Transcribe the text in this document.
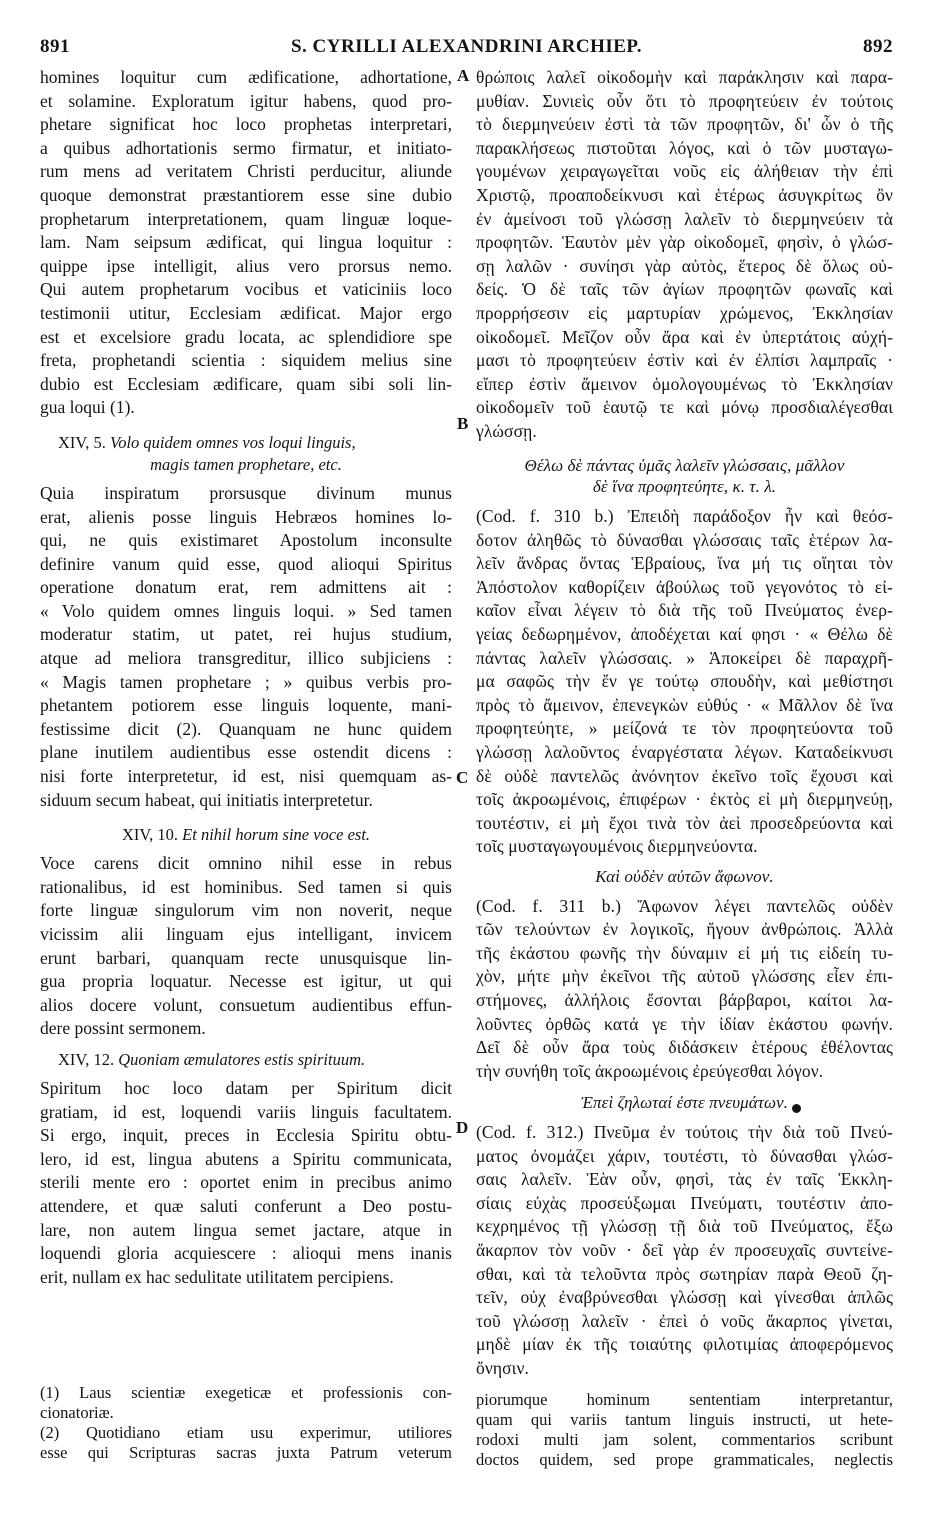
891	S. CYRILLI ALEXANDRINI ARCHIEP.	892
A
B
C
D
homines loquitur cum ædificatione, adhortatione,
et solamine. Exploratum igitur habens, quod pro-
phetare significat hoc loco prophetas interpretari,
a quibus adhortationis sermo firmatur, et initiato-
rum mens ad veritatem Christi perducitur, aliunde
quoque demonstrat præstantiorem esse sine dubio
prophetarum interpretationem, quam linguæ loque-
lam. Nam seipsum ædificat, qui lingua loquitur :
quippe ipse intelligit, alius vero prorsus nemo.
Qui autem prophetarum vocibus et vaticiniis loco
testimonii utitur, Ecclesiam ædificat. Major ergo
est et excelsiore gradu locata, ac splendidiore spe
freta, prophetandi scientia : siquidem melius sine
dubio est Ecclesiam ædificare, quam sibi soli lin-
gua loqui (1).
XIV, 5. Volo quidem omnes vos loqui linguis,
magis tamen prophetare, etc.
Quia inspiratum prorsusque divinum munus
erat, alienis posse linguis Hebræos homines lo-
qui, ne quis existimaret Apostolum inconsulte
definire vanum quid esse, quod alioqui Spiritus
operatione donatum erat, rem admittens ait :
« Volo quidem omnes linguis loqui. » Sed tamen
moderatur statim, ut patet, rei hujus studium,
atque ad meliora transgreditur, illico subjiciens :
« Magis tamen prophetare ; » quibus verbis pro-
phetantem potiorem esse linguis loquente, mani-
festissime dicit (2). Quanquam ne hunc quidem
plane inutilem audientibus esse ostendit dicens :
nisi forte interpretetur, id est, nisi quemquam as-
siduum secum habeat, qui initiatis interpretetur.
XIV, 10. Et nihil horum sine voce est.
Voce carens dicit omnino nihil esse in rebus
rationalibus, id est hominibus. Sed tamen si quis
forte linguæ singulorum vim non noverit, neque
vicissim alii linguam ejus intelligant, invicem
erunt barbari, quanquam recte unusquisque lin-
gua propria loquatur. Necesse est igitur, ut qui
alios docere volunt, consuetum audientibus effun-
dere possint sermonem.
XIV, 12. Quoniam æmulatores estis spirituum.
Spiritum hoc loco datam per Spiritum dicit
gratiam, id est, loquendi variis linguis facultatem.
Si ergo, inquit, preces in Ecclesia Spiritu obtu-
lero, id est, lingua abutens a Spiritu communicata,
sterili mente ero : oportet enim in precibus animo
attendere, et quæ saluti conferunt a Deo postu-
lare, non autem lingua semet jactare, atque in
loquendi gloria acquiescere : alioqui mens inanis
erit, nullam ex hac sedulitate utilitatem percipiens.
θρώποις λαλεῖ οἰκοδομὴν καὶ παράκλησιν καὶ παρα-
μυθίαν. Συνιεὶς οὖν ὅτι τὸ προφητεύειν ἐν τούτοις
τὸ διερμηνεύειν ἐστὶ τὰ τῶν προφητῶν, δι' ὧν ὁ τῆς
παρακλήσεως πιστοῦται λόγος, καὶ ὁ τῶν μυσταγω-
γουμένων χειραγωγεῖται νοῦς εἰς ἀλήθειαν τὴν ἐπὶ
Χριστῷ, προαποδείκνυσι καὶ ἑτέρως ἀσυγκρίτως ὂν
ἐν ἀμείνοσι τοῦ γλώσσῃ λαλεῖν τὸ διερμηνεύειν τὰ
προφητῶν. Ἑαυτὸν μὲν γὰρ οἰκοδομεῖ, φησὶν, ὁ γλώσ-
σῃ λαλῶν · συνίησι γὰρ αὐτὸς, ἕτερος δὲ ὅλως οὐ-
δείς. Ὁ δὲ ταῖς τῶν ἁγίων προφητῶν φωναῖς καὶ
προρρήσεσιν εἰς μαρτυρίαν χρώμενος, Ἐκκλησίαν
οἰκοδομεῖ. Μεῖζον οὖν ἄρα καὶ ἐν ὑπερτάτοις αὐχή-
μασι τὸ προφητεύειν ἐστὶν καὶ ἐν ἐλπίσι λαμπραῖς ·
εἴπερ ἐστὶν ἄμεινον ὁμολογουμένως τὸ Ἐκκλησίαν
οἰκοδομεῖν τοῦ ἑαυτῷ τε καὶ μόνῳ προσδιαλέγεσθαι
γλώσσῃ.
Θέλω δὲ πάντας ὑμᾶς λαλεῖν γλώσσαις, μᾶλλον
δὲ ἵνα προφητεύητε, κ. τ. λ.
(Cod. f. 310 b.) Ἐπειδὴ παράδοξον ἦν καὶ θεόσ-
δοτον ἀληθῶς τὸ δύνασθαι γλώσσαις ταῖς ἑτέρων λα-
λεῖν ἄνδρας ὄντας Ἑβραίους, ἵνα μή τις οἴηται τὸν
Ἀπόστολον καθορίζειν ἀβούλως τοῦ γεγονότος τὸ εἰ-
καῖον εἶναι λέγειν τὸ διὰ τῆς τοῦ Πνεύματος ἐνερ-
γείας δεδωρημένον, ἀποδέχεται καί φησι · « Θέλω δὲ
πάντας λαλεῖν γλώσσαις. » Ἀποκείρει δὲ παραχρῆ-
μα σαφῶς τὴν ἔν γε τούτῳ σπουδὴν, καὶ μεθίστησι
πρὸς τὸ ἄμεινον, ἐπενεγκὼν εὐθύς · « Μᾶλλον δὲ ἵνα
προφητεύητε, » μείζονά τε τὸν προφητεύοντα τοῦ
γλώσσῃ λαλοῦντος ἐναργέστατα λέγων. Καταδείκνυσι
δὲ οὐδὲ παντελῶς ἀνόνητον ἐκεῖνο τοῖς ἔχουσι καὶ
τοῖς ἀκροωμένοις, ἐπιφέρων · ἐκτὸς εἰ μὴ διερμηνεύῃ,
τουτέστιν, εἰ μὴ ἔχοι τινὰ τὸν ἀεὶ προσεδρεύοντα καὶ
τοῖς μυσταγωγουμένοις διερμηνεύοντα.
Καὶ οὐδὲν αὐτῶν ἄφωνον.
(Cod. f. 311 b.) Ἄφωνον λέγει παντελῶς οὐδὲν
τῶν τελούντων ἐν λογικοῖς, ἤγουν ἀνθρώποις. Ἀλλὰ
τῆς ἑκάστου φωνῆς τὴν δύναμιν εἰ μή τις εἰδείη τυ-
χὸν, μήτε μὴν ἐκεῖνοι τῆς αὐτοῦ γλώσσης εἶεν ἐπι-
στήμονες, ἀλλήλοις ἔσονται βάρβαροι, καίτοι λα-
λοῦντες ὀρθῶς κατά γε τὴν ἰδίαν ἑκάστου φωνήν.
Δεῖ δὲ οὖν ἄρα τοὺς διδάσκειν ἑτέρους ἐθέλοντας
τὴν συνήθη τοῖς ἀκροωμένοις ἐρεύγεσθαι λόγον.
Ἐπεὶ ζηλωταί ἐστε πνευμάτων.
(Cod. f. 312.) Πνεῦμα ἐν τούτοις τὴν διὰ τοῦ Πνεύ-
ματος ὀνομάζει χάριν, τουτέστι, τὸ δύνασθαι γλώσ-
σαις λαλεῖν. Ἐὰν οὖν, φησὶ, τὰς ἐν ταῖς Ἐκκλη-
σίαις εὐχὰς προσεύξωμαι Πνεύματι, τουτέστιν ἀπο-
κεχρημένος τῇ γλώσσῃ τῇ διὰ τοῦ Πνεύματος, ἔξω
ἄκαρπον τὸν νοῦν · δεῖ γὰρ ἐν προσευχαῖς συντείνε-
σθαι, καὶ τὰ τελοῦντα πρὸς σωτηρίαν παρὰ Θεοῦ ζη-
τεῖν, οὐχ ἐναβρύνεσθαι γλώσσῃ καὶ γίνεσθαι ἁπλῶς
τοῦ γλώσσῃ λαλεῖν · ἐπεὶ ὁ νοῦς ἄκαρπος γίνεται,
μηδὲ μίαν ἐκ τῆς τοιαύτης φιλοτιμίας ἀποφερόμενος
ὄνησιν.
(1) Laus scientiæ exegeticæ et professionis con-
cionatoriæ.
(2) Quotidiano etiam usu experimur, utiliores
esse qui Scripturas sacras juxta Patrum veterum
piorumque hominum sententiam interpretantur,
quam qui variis tantum linguis instructi, ut hete-
rodoxi multi jam solent, commentarios scribunt
doctos quidem, sed prope grammaticales, neglectis
